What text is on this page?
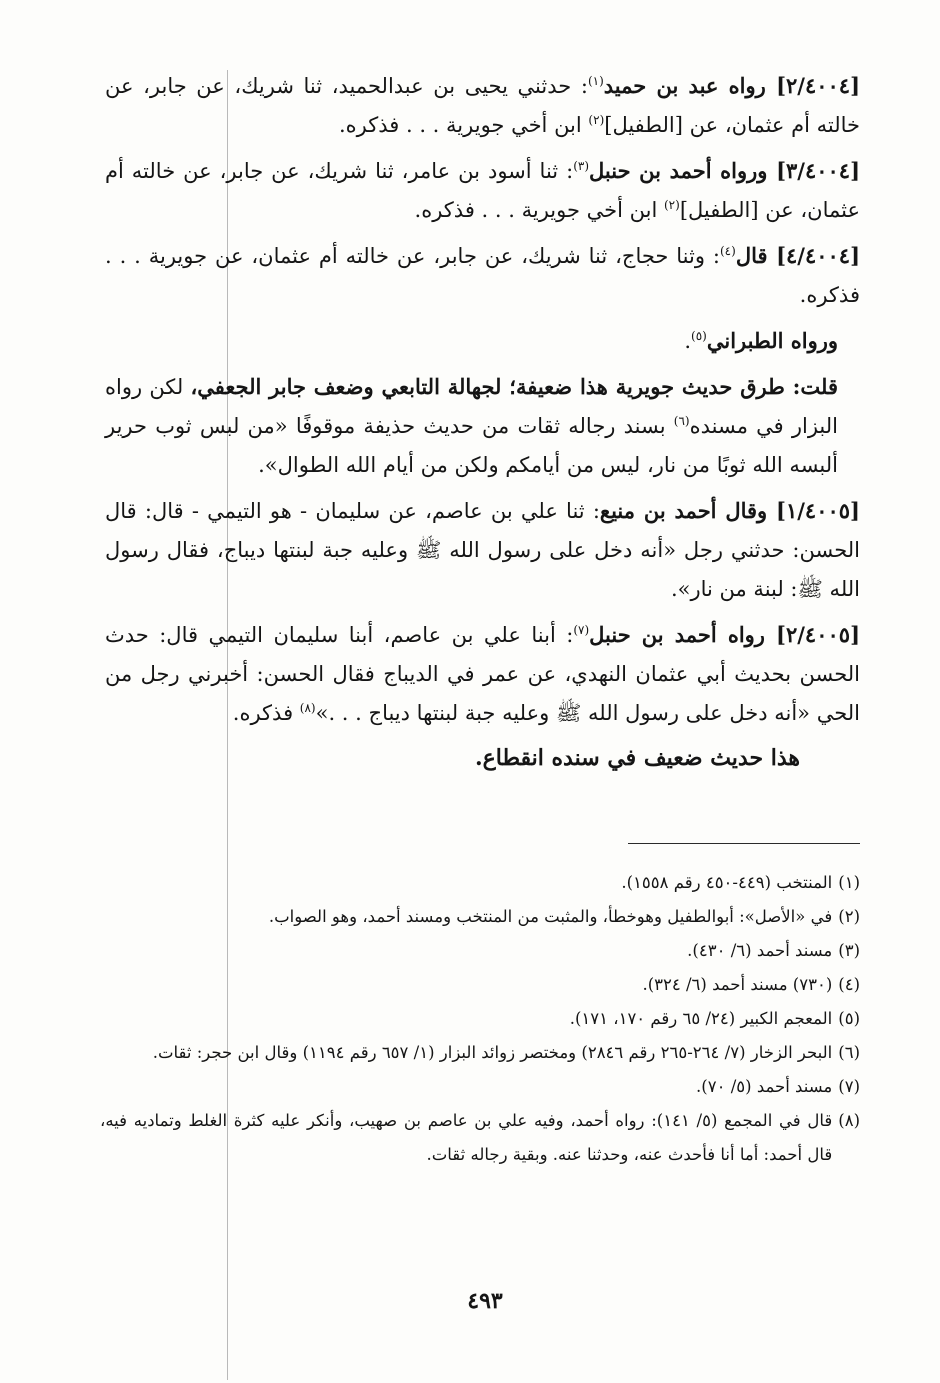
[٢/٤٠٠٤] رواه عبد بن حميد$^{(١)}$: حدثني يحيى بن عبدالحميد، ثنا شريك، عن جابر، عن خالته أم عثمان، عن [الطفيل]$^{(٢)}$ ابن أخي جويرية . . . فذكره.

[٣/٤٠٠٤] ورواه أحمد بن حنبل$^{(٣)}$: ثنا أسود بن عامر، ثنا شريك، عن جابر، عن خالته أم عثمان، عن [الطفيل]$^{(٢)}$ ابن أخي جويرية . . . فذكره.

[٤/٤٠٠٤] قال$^{(٤)}$: وثنا حجاج، ثنا شريك، عن جابر، عن خالته أم عثمان، عن جويرية . . . فذكره.

ورواه الطبراني$^{(٥)}$.

قلت: طرق حديث جويرية هذا ضعيفة؛ لجهالة التابعي وضعف جابر الجعفي، لكن رواه البزار في مسنده$^{(٦)}$ بسند رجاله ثقات من حديث حذيفة موقوفًا «من لبس ثوب حرير ألبسه الله ثوبًا من نار، ليس من أيامكم ولكن من أيام الله الطوال».

[١/٤٠٠٥] وقال أحمد بن منيع: ثنا علي بن عاصم، عن سليمان - هو التيمي - قال: قال الحسن: حدثني رجل «أنه دخل على رسول الله ﷺ وعليه جبة لبنتها ديباج، فقال رسول الله ﷺ: لبنة من نار».

[٢/٤٠٠٥] رواه أحمد بن حنبل$^{(٧)}$: أبنا علي بن عاصم، أبنا سليمان التيمي قال: حدث الحسن بحديث أبي عثمان النهدي، عن عمر في الديباج فقال الحسن: أخبرني رجل من الحي «أنه دخل على رسول الله ﷺ وعليه جبة لبنتها ديباج . . .»$^{(٨)}$ فذكره.

هذا حديث ضعيف في سنده انقطاع.

(١)
المنتخب (٤٤٩-٤٥٠ رقم ١٥٥٨).
(٢)
في «الأصل»: أبوالطفيل وهوخطأ، والمثبت من المنتخب ومسند أحمد، وهو الصواب.
(٣)
مسند أحمد (٦/ ٤٣٠).
(٤)
(٧٣٠) مسند أحمد (٦/ ٣٢٤).
(٥)
المعجم الكبير (٢٤/ ٦٥ رقم ١٧٠، ١٧١).
(٦)
البحر الزخار (٧/ ٢٦٤-٢٦٥ رقم ٢٨٤٦) ومختصر زوائد البزار (١/ ٦٥٧ رقم ١١٩٤) وقال ابن حجر: ثقات.
(٧)
مسند أحمد (٥/ ٧٠).
(٨)
قال في المجمع (٥/ ١٤١): رواه أحمد، وفيه علي بن عاصم بن صهيب، وأنكر عليه كثرة الغلط وتماديه فيه، قال أحمد: أما أنا فأحدث عنه، وحدثنا عنه. وبقية رجاله ثقات.
٤٩٣
